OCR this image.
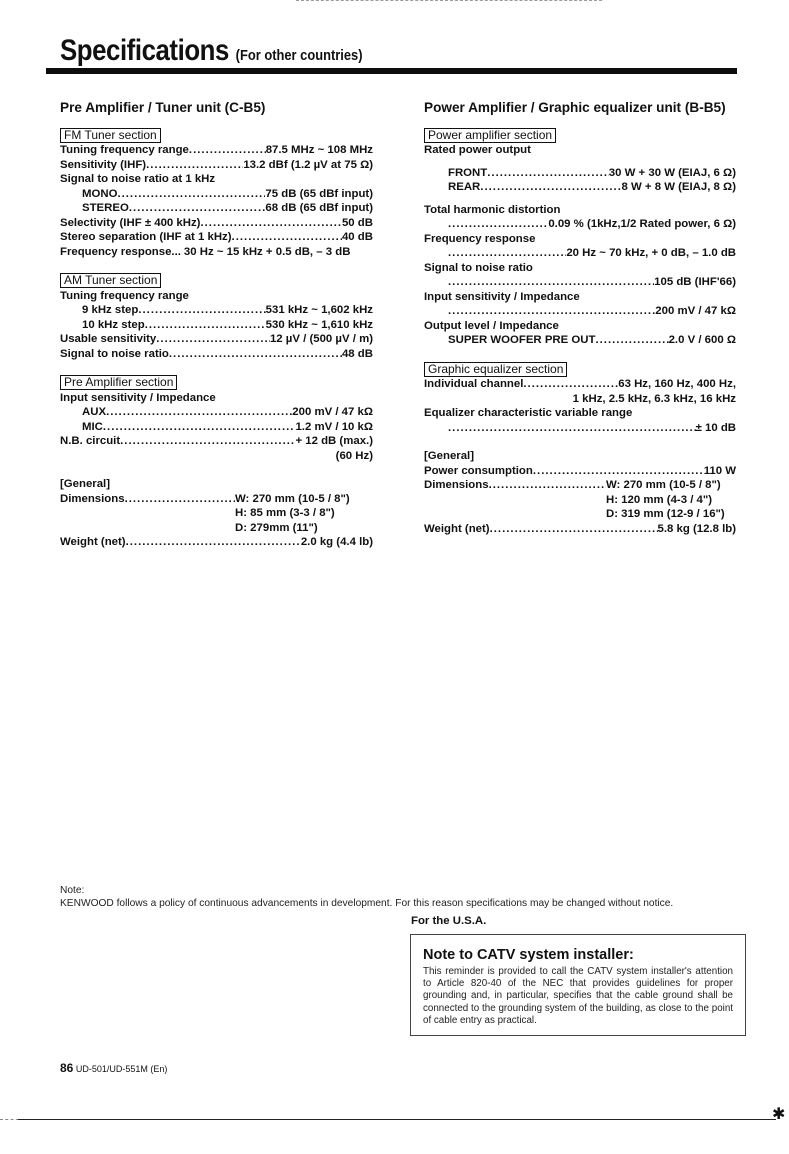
Specifications (For other countries)
Pre Amplifier / Tuner unit (C-B5)
FM Tuner section
Tuning frequency range .....	87.5 MHz ~ 108 MHz
Sensitivity (IHF) .....	13.2 dBf (1.2 µV at 75 Ω)
Signal to noise ratio at 1 kHz
MONO .....	75 dB (65 dBf input)
STEREO .....	68 dB (65 dBf input)
Selectivity (IHF ± 400 kHz) .....	50 dB
Stereo separation (IHF at 1 kHz) .....	40 dB
Frequency response... 30 Hz ~ 15 kHz + 0.5 dB, – 3 dB
AM Tuner section
Tuning frequency range
9 kHz step .....	531 kHz ~ 1,602 kHz
10 kHz step .....	530 kHz ~ 1,610 kHz
Usable sensitivity .....	12 µV / (500 µV / m)
Signal to noise ratio .....	48 dB
Pre Amplifier section
Input sensitivity / Impedance
AUX .....	200 mV / 47 kΩ
MIC .....	1.2 mV / 10 kΩ
N.B. circuit .....	+ 12 dB (max.)
(60 Hz)
[General]
Dimensions .....	W: 270 mm (10-5 / 8")
H: 85 mm (3-3 / 8")
D: 279mm (11")
Weight (net) .....	2.0 kg (4.4 lb)
Power Amplifier / Graphic equalizer unit (B-B5)
Power amplifier section
Rated power output
FRONT .....	30 W + 30 W (EIAJ, 6 Ω)
REAR .....	8 W + 8 W (EIAJ, 8 Ω)
Total harmonic distortion
.....
0.09 % (1kHz,1/2 Rated power, 6 Ω)
Frequency response
.....
20 Hz ~ 70 kHz, + 0 dB, – 1.0 dB
Signal to noise ratio
.....
105 dB (IHF'66)
Input sensitivity / Impedance
.....
200 mV / 47 kΩ
Output level / Impedance
SUPER WOOFER PRE OUT .....	2.0 V / 600 Ω
Graphic equalizer section
Individual channel .....	63 Hz, 160 Hz, 400 Hz,
1 kHz, 2.5 kHz, 6.3 kHz, 16 kHz
Equalizer characteristic variable range
.....
± 10 dB
[General]
Power consumption .....	110 W
Dimensions .....	W: 270 mm (10-5 / 8")
H: 120 mm (4-3 / 4")
D: 319 mm (12-9 / 16")
Weight (net) .....	5.8 kg (12.8 lb)
Note:
KENWOOD follows a policy of continuous advancements in development. For this reason specifications may be changed without notice.
For the U.S.A.
Note to CATV system installer:

This reminder is provided to call the CATV system installer's attention to Article 820-40 of the NEC that provides guidelines for proper grounding and, in particular, specifies that the cable ground shall be connected to the grounding system of the building, as close to the point of cable entry as practical.

86 UD-501/UD-551M (En)
✱
